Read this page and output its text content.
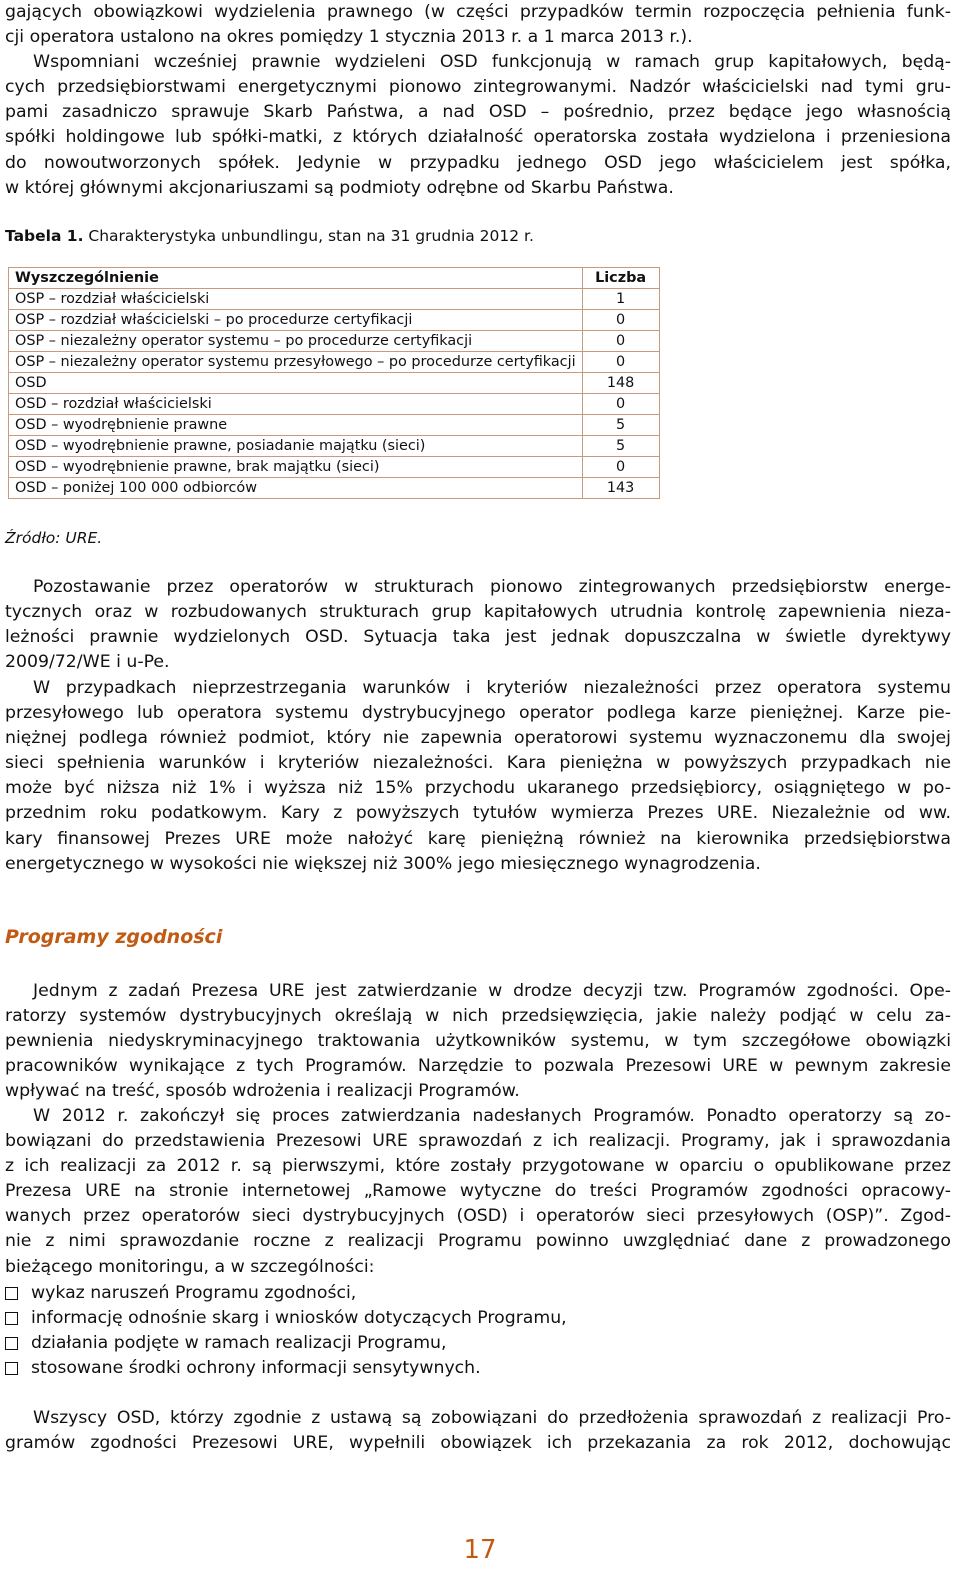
gających obowiązkowi wydzielenia prawnego (w części przypadków termin rozpoczęcia pełnienia funk-
cji operatora ustalono na okres pomiędzy 1 stycznia 2013 r. a 1 marca 2013 r.).
Wspomniani wcześniej prawnie wydzieleni OSD funkcjonują w ramach grup kapitałowych, będą-
cych przedsiębiorstwami energetycznymi pionowo zintegrowanymi. Nadzór właścicielski nad tymi gru-
pami zasadniczo sprawuje Skarb Państwa, a nad OSD – pośrednio, przez będące jego własnością
spółki holdingowe lub spółki-matki, z których działalność operatorska została wydzielona i przeniesiona
do nowoutworzonych spółek. Jedynie w przypadku jednego OSD jego właścicielem jest spółka,
w której głównymi akcjonariuszami są podmioty odrębne od Skarbu Państwa.

Tabela 1. Charakterystyka unbundlingu, stan na 31 grudnia 2012 r.

Wyszczególnienie	Liczba
OSP – rozdział właścicielski	1
OSP – rozdział właścicielski – po procedurze certyfikacji	0
OSP – niezależny operator systemu – po procedurze certyfikacji	0
OSP – niezależny operator systemu przesyłowego – po procedurze certyfikacji	0
OSD	148
OSD – rozdział właścicielski	0
OSD – wyodrębnienie prawne	5
OSD – wyodrębnienie prawne, posiadanie majątku (sieci)	5
OSD – wyodrębnienie prawne, brak majątku (sieci)	0
OSD – poniżej 100 000 odbiorców	143

Źródło: URE.

Pozostawanie przez operatorów w strukturach pionowo zintegrowanych przedsiębiorstw energe-
tycznych oraz w rozbudowanych strukturach grup kapitałowych utrudnia kontrolę zapewnienia nieza-
leżności prawnie wydzielonych OSD. Sytuacja taka jest jednak dopuszczalna w świetle dyrektywy
2009/72/WE i u-Pe.
W przypadkach nieprzestrzegania warunków i kryteriów niezależności przez operatora systemu
przesyłowego lub operatora systemu dystrybucyjnego operator podlega karze pieniężnej. Karze pie-
niężnej podlega również podmiot, który nie zapewnia operatorowi systemu wyznaczonemu dla swojej
sieci spełnienia warunków i kryteriów niezależności. Kara pieniężna w powyższych przypadkach nie
może być niższa niż 1% i wyższa niż 15% przychodu ukaranego przedsiębiorcy, osiągniętego w po-
przednim roku podatkowym. Kary z powyższych tytułów wymierza Prezes URE. Niezależnie od ww.
kary finansowej Prezes URE może nałożyć karę pieniężną również na kierownika przedsiębiorstwa
energetycznego w wysokości nie większej niż 300% jego miesięcznego wynagrodzenia.

Programy zgodności

Jednym z zadań Prezesa URE jest zatwierdzanie w drodze decyzji tzw. Programów zgodności. Ope-
ratorzy systemów dystrybucyjnych określają w nich przedsięwzięcia, jakie należy podjąć w celu za-
pewnienia niedyskryminacyjnego traktowania użytkowników systemu, w tym szczegółowe obowiązki
pracowników wynikające z tych Programów. Narzędzie to pozwala Prezesowi URE w pewnym zakresie
wpływać na treść, sposób wdrożenia i realizacji Programów.
W 2012 r. zakończył się proces zatwierdzania nadesłanych Programów. Ponadto operatorzy są zo-
bowiązani do przedstawienia Prezesowi URE sprawozdań z ich realizacji. Programy, jak i sprawozdania
z ich realizacji za 2012 r. są pierwszymi, które zostały przygotowane w oparciu o opublikowane przez
Prezesa URE na stronie internetowej „Ramowe wytyczne do treści Programów zgodności opracowy-
wanych przez operatorów sieci dystrybucyjnych (OSD) i operatorów sieci przesyłowych (OSP)”. Zgod-
nie z nimi sprawozdanie roczne z realizacji Programu powinno uwzględniać dane z prowadzonego
bieżącego monitoringu, a w szczególności:
wykaz naruszeń Programu zgodności,
informację odnośnie skarg i wniosków dotyczących Programu,
działania podjęte w ramach realizacji Programu,
stosowane środki ochrony informacji sensytywnych.
Wszyscy OSD, którzy zgodnie z ustawą są zobowiązani do przedłożenia sprawozdań z realizacji Pro-
gramów zgodności Prezesowi URE, wypełnili obowiązek ich przekazania za rok 2012, dochowując

17
